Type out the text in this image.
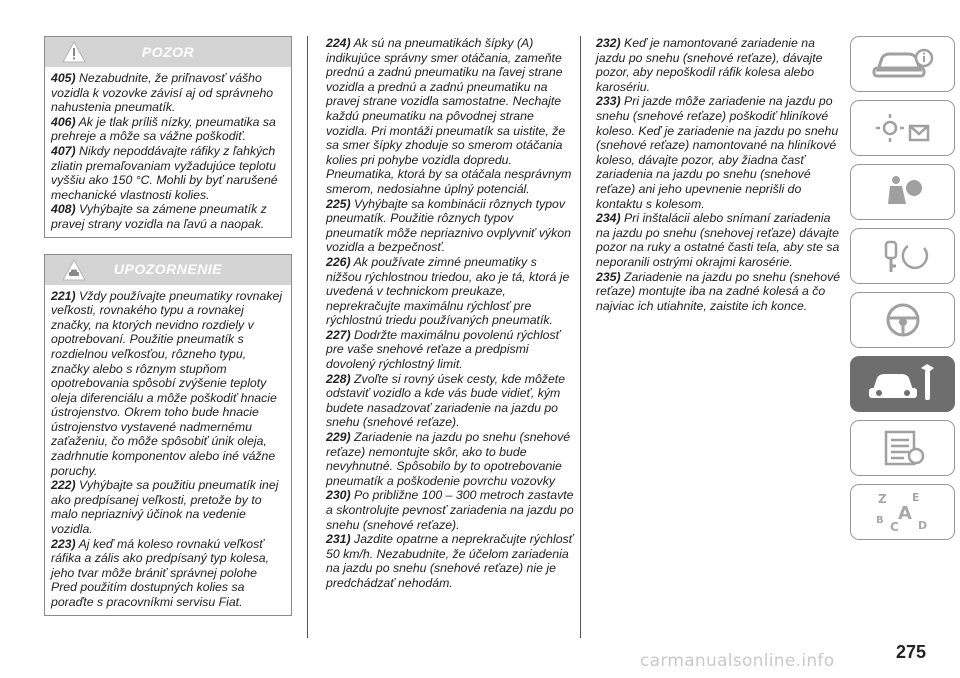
POZOR

405) Nezabudnite, že priľnavosť vášho vozidla k vozovke závisí aj od správneho nahustenia pneumatík.

406) Ak je tlak príliš nízky, pneumatika sa prehreje a môže sa vážne poškodiť.

407) Nikdy nepoddávajte ráfiky z ľahkých zliatin premaľovaniam vyžadujúce teplotu vyššiu ako 150 °C. Mohli by byť narušené mechanické vlastnosti kolies.

408) Vyhýbajte sa zámene pneumatík z pravej strany vozidla na ľavú a naopak.

UPOZORNENIE

221) Vždy používajte pneumatiky rovnakej veľkosti, rovnakého typu a rovnakej značky, na ktorých nevidno rozdiely v opotrebovaní. Použitie pneumatík s rozdielnou veľkosťou, rôzneho typu, značky alebo s rôznym stupňom opotrebovania spôsobí zvýšenie teploty oleja diferenciálu a môže poškodiť hnacie ústrojenstvo. Okrem toho bude hnacie ústrojenstvo vystavené nadmernému zaťaženiu, čo môže spôsobiť únik oleja, zadrhnutie komponentov alebo iné vážne poruchy.

222) Vyhýbajte sa použitiu pneumatík inej ako predpísanej veľkosti, pretože by to malo nepriaznivý účinok na vedenie vozidla.

223) Aj keď má koleso rovnakú veľkosť ráfika a zális ako predpísaný typ kolesa, jeho tvar môže brániť správnej polohe Pred použitím dostupných kolies sa poraďte s pracovníkmi servisu Fiat.

224) Ak sú na pneumatikách šípky (A) indikujúce správny smer otáčania, zameňte prednú a zadnú pneumatiku na ľavej strane vozidla a prednú a zadnú pneumatiku na pravej strane vozidla samostatne. Nechajte každú pneumatiku na pôvodnej strane vozidla. Pri montáži pneumatík sa uistite, že sa smer šípky zhoduje so smerom otáčania kolies pri pohybe vozidla dopredu. Pneumatika, ktorá by sa otáčala nesprávnym smerom, nedosiahne úplný potenciál.

225) Vyhýbajte sa kombinácii rôznych typov pneumatík. Použitie rôznych typov pneumatík môže nepriaznivo ovplyvniť výkon vozidla a bezpečnosť.

226) Ak používate zimné pneumatiky s nižšou rýchlostnou triedou, ako je tá, ktorá je uvedená v technickom preukaze, neprekračujte maximálnu rýchlosť pre rýchlostnú triedu používaných pneumatík.

227) Dodržte maximálnu povolenú rýchlosť pre vaše snehové reťaze a predpismi dovolený rýchlostný limit.

228) Zvoľte si rovný úsek cesty, kde môžete odstaviť vozidlo a kde vás bude vidieť, kým budete nasadzovať zariadenie na jazdu po snehu (snehové reťaze).

229) Zariadenie na jazdu po snehu (snehové reťaze) nemontujte skôr, ako to bude nevyhnutné. Spôsobilo by to opotrebovanie pneumatík a poškodenie povrchu vozovky

230) Po približne 100 – 300 metroch zastavte a skontrolujte pevnosť zariadenia na jazdu po snehu (snehové reťaze).

231) Jazdite opatrne a neprekračujte rýchlosť 50 km/h. Nezabudnite, že účelom zariadenia na jazdu po snehu (snehové reťaze) nie je predchádzať nehodám.

232) Keď je namontované zariadenie na jazdu po snehu (snehové reťaze), dávajte pozor, aby nepoškodil ráfik kolesa alebo karosériu.

233) Pri jazde môže zariadenie na jazdu po snehu (snehové reťaze) poškodiť hliníkové koleso. Keď je zariadenie na jazdu po snehu (snehové reťaze) namontované na hliníkové koleso, dávajte pozor, aby žiadna časť zariadenia na jazdu po snehu (snehové reťaze) ani jeho upevnenie neprišli do kontaktu s kolesom.

234) Pri inštalácii alebo snímaní zariadenia na jazdu po snehu (snehovej reťaze) dávajte pozor na ruky a ostatné časti tela, aby ste sa neporanili ostrými okrajmi karosérie.

235) Zariadenie na jazdu po snehu (snehové reťaze) montujte iba na zadné kolesá a čo najviac ich utiahnite, zaistite ich konce.

Z E
B C
A
D
275
carmanualsonline.info
